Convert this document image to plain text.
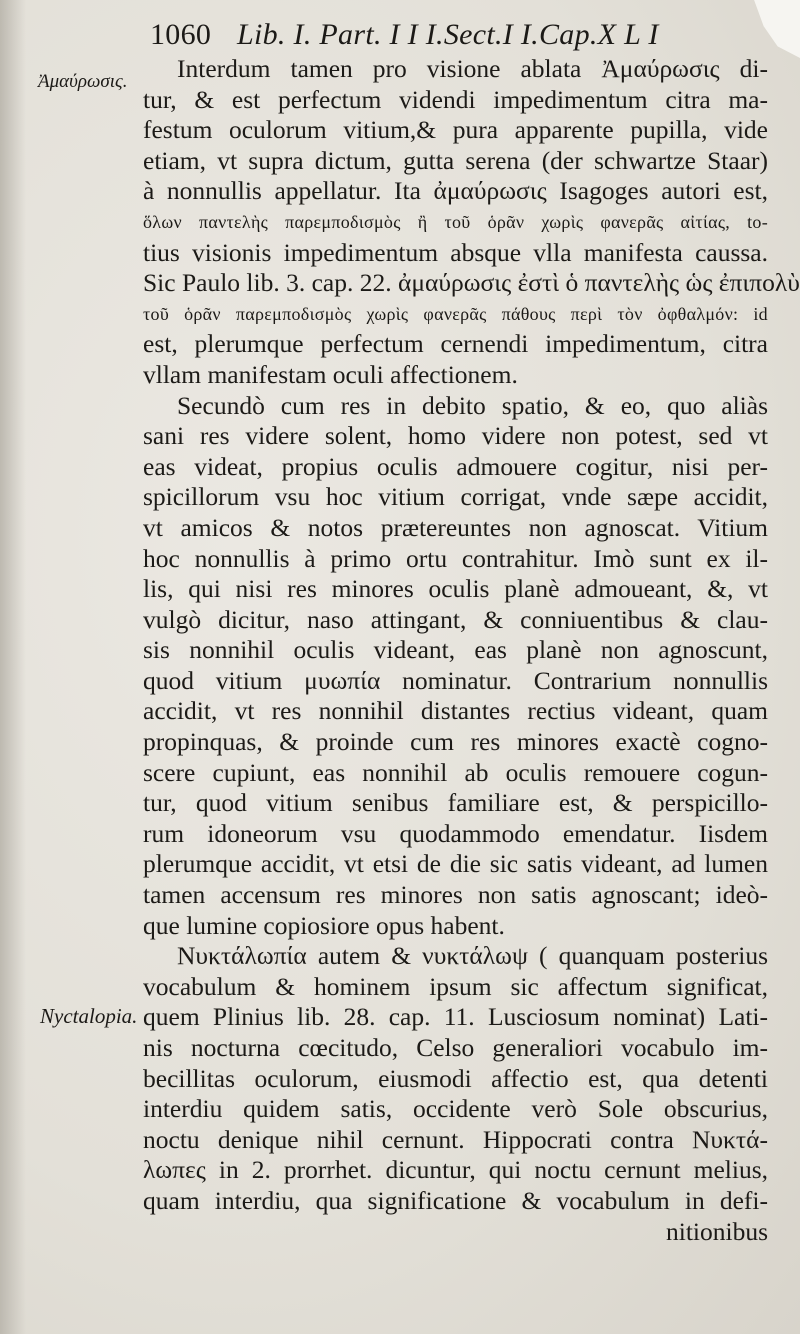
1060 Lib. I. Part. I I I.Sect.I I.Cap.X L I
Ἀμαύρωσις.
Nyctalopia.
Interdum tamen pro visione ablata Ἀμαύρωσις di-
tur, & est perfectum videndi impedimentum citra ma-
festum oculorum vitium,& pura apparente pupilla, vide
etiam, vt supra dictum, gutta serena (der schwartze Staar)
à nonnullis appellatur. Ita ἀμαύρωσις Isagoges autori est,
ὅλων παντελὴς παρεμποδισμὸς ἢ τοῦ ὁρᾶν χωρὶς φανερᾶς αἰτίας, to-
tius visionis impedimentum absque vlla manifesta caussa.
Sic Paulo lib. 3. cap. 22. ἀμαύρωσις ἐστὶ ὁ παντελὴς ὡς ἐπιπολὺ
τοῦ ὁρᾶν παρεμποδισμὸς χωρὶς φανερᾶς πάθους περὶ τὸν ὀφθαλμόν: id
est, plerumque perfectum cernendi impedimentum, citra
vllam manifestam oculi affectionem.
Secundò cum res in debito spatio, & eo, quo aliàs
sani res videre solent, homo videre non potest, sed vt
eas videat, propius oculis admouere cogitur, nisi per-
spicillorum vsu hoc vitium corrigat, vnde sæpe accidit,
vt amicos & notos prætereuntes non agnoscat. Vitium
hoc nonnullis à primo ortu contrahitur. Imò sunt ex il-
lis, qui nisi res minores oculis planè admoueant, &, vt
vulgò dicitur, naso attingant, & conniuentibus & clau-
sis nonnihil oculis videant, eas planè non agnoscunt,
quod vitium μυωπία nominatur. Contrarium nonnullis
accidit, vt res nonnihil distantes rectius videant, quam
propinquas, & proinde cum res minores exactè cogno-
scere cupiunt, eas nonnihil ab oculis remouere cogun-
tur, quod vitium senibus familiare est, & perspicillo-
rum idoneorum vsu quodammodo emendatur. Iisdem
plerumque accidit, vt etsi de die sic satis videant, ad lumen
tamen accensum res minores non satis agnoscant; ideò-
que lumine copiosiore opus habent.
Νυκτάλωπία autem & νυκτάλωψ ( quanquam posterius
vocabulum & hominem ipsum sic affectum significat,
quem Plinius lib. 28. cap. 11. Lusciosum nominat) Lati-
nis nocturna cœcitudo, Celso generaliori vocabulo im-
becillitas oculorum, eiusmodi affectio est, qua detenti
interdiu quidem satis, occidente verò Sole obscurius,
noctu denique nihil cernunt. Hippocrati contra Νυκτά-
λωπες in 2. prorrhet. dicuntur, qui noctu cernunt melius,
quam interdiu, qua significatione & vocabulum in defi-
nitionibus
